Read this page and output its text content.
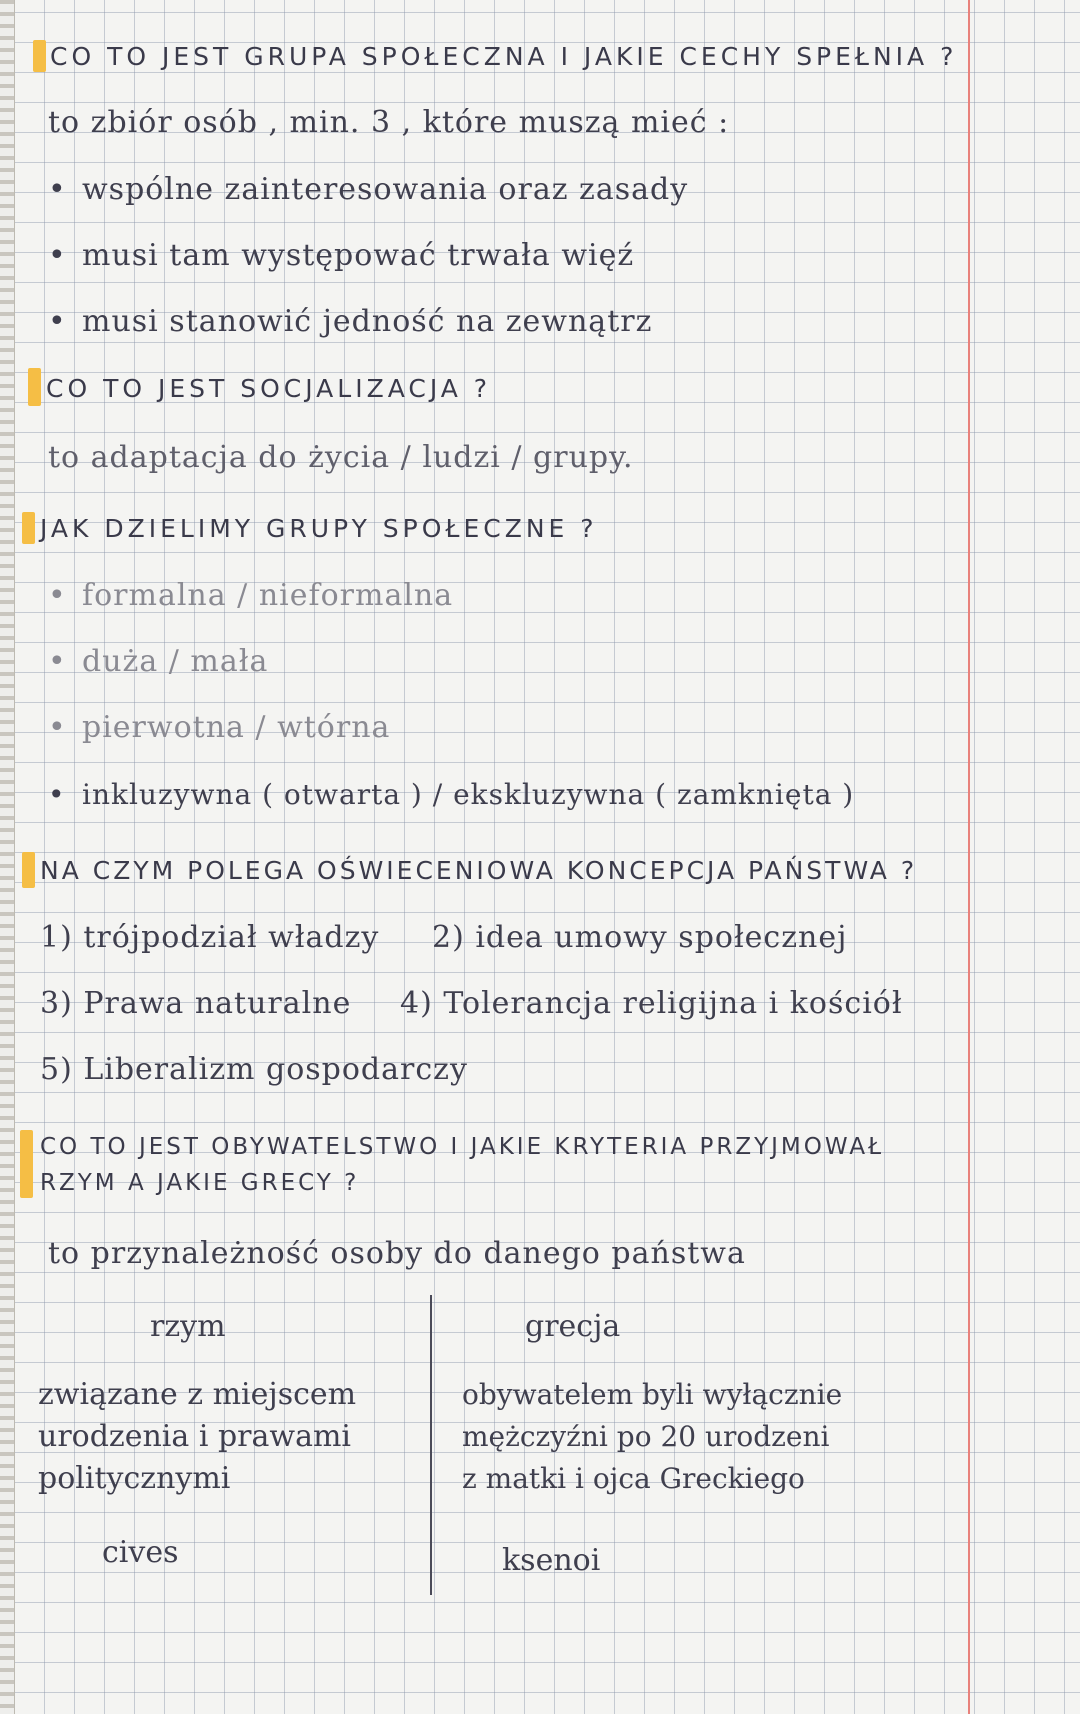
CO TO JEST GRUPA SPOŁECZNA I JAKIE CECHY SPEŁNIA ?
to zbiór osób , min. 3 , które muszą mieć :
• wspólne zainteresowania oraz zasady
• musi tam występować trwała więź
• musi stanowić jedność na zewnątrz
CO TO JEST SOCJALIZACJA ?
to adaptacja do życia / ludzi / grupy.
JAK DZIELIMY GRUPY SPOŁECZNE ?
• formalna / nieformalna
• duża / mała
• pierwotna / wtórna
• inkluzywna ( otwarta ) / ekskluzywna ( zamknięta )
NA CZYM POLEGA OŚWIECENIOWA KONCEPCJA PAŃSTWA ?
1) trójpodział władzy 2) idea umowy społecznej
3) Prawa naturalne 4) Tolerancja religijna i kościół
5) Liberalizm gospodarczy
CO TO JEST OBYWATELSTWO I JAKIE KRYTERIA PRZYJMOWAŁ
RZYM A JAKIE GRECY ?
to przynależność osoby do danego państwa
rzym
związane z miejscem
urodzenia i prawami
politycznymi
cives
grecja
obywatelem byli wyłącznie
mężczyźni po 20 urodzeni
z matki i ojca Greckiego
ksenoi
